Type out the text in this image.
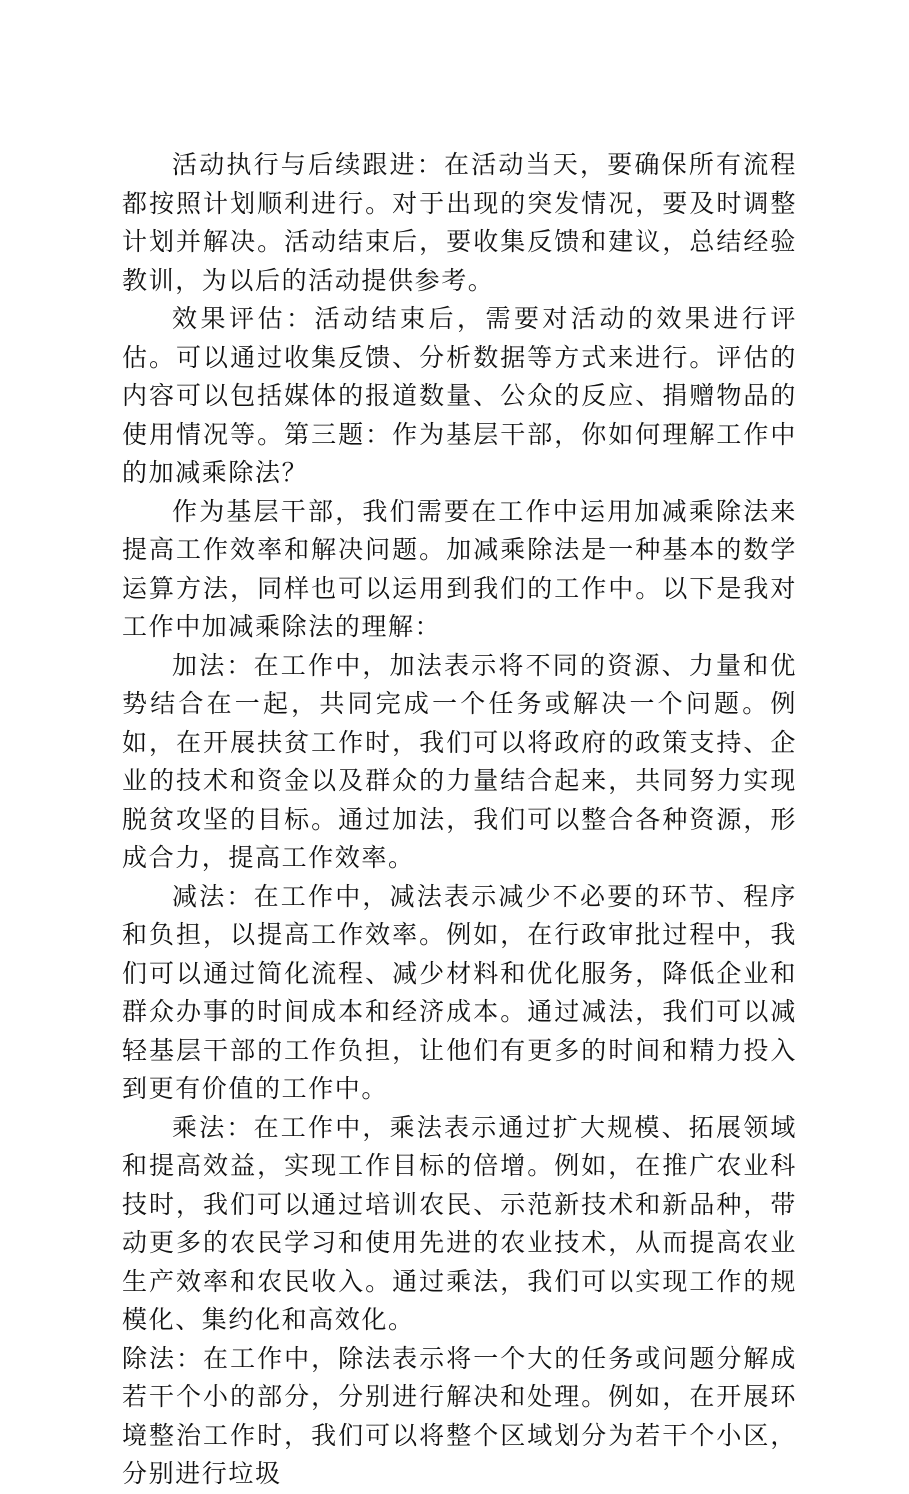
活动执行与后续跟进：在活动当天，要确保所有流程都按照计划顺利进行。对于出现的突发情况，要及时调整计划并解决。活动结束后，要收集反馈和建议，总结经验教训，为以后的活动提供参考。

效果评估：活动结束后，需要对活动的效果进行评估。可以通过收集反馈、分析数据等方式来进行。评估的内容可以包括媒体的报道数量、公众的反应、捐赠物品的使用情况等。第三题：作为基层干部，你如何理解工作中的加减乘除法？

作为基层干部，我们需要在工作中运用加减乘除法来提高工作效率和解决问题。加减乘除法是一种基本的数学运算方法，同样也可以运用到我们的工作中。以下是我对工作中加减乘除法的理解：

加法：在工作中，加法表示将不同的资源、力量和优势结合在一起，共同完成一个任务或解决一个问题。例如，在开展扶贫工作时，我们可以将政府的政策支持、企业的技术和资金以及群众的力量结合起来，共同努力实现脱贫攻坚的目标。通过加法，我们可以整合各种资源，形成合力，提高工作效率。

减法：在工作中，减法表示减少不必要的环节、程序和负担，以提高工作效率。例如，在行政审批过程中，我们可以通过简化流程、减少材料和优化服务，降低企业和群众办事的时间成本和经济成本。通过减法，我们可以减轻基层干部的工作负担，让他们有更多的时间和精力投入到更有价值的工作中。

乘法：在工作中，乘法表示通过扩大规模、拓展领域和提高效益，实现工作目标的倍增。例如，在推广农业科技时，我们可以通过培训农民、示范新技术和新品种，带动更多的农民学习和使用先进的农业技术，从而提高农业生产效率和农民收入。通过乘法，我们可以实现工作的规模化、集约化和高效化。

除法：在工作中，除法表示将一个大的任务或问题分解成若干个小的部分，分别进行解决和处理。例如，在开展环境整治工作时，我们可以将整个区域划分为若干个小区，分别进行垃圾
